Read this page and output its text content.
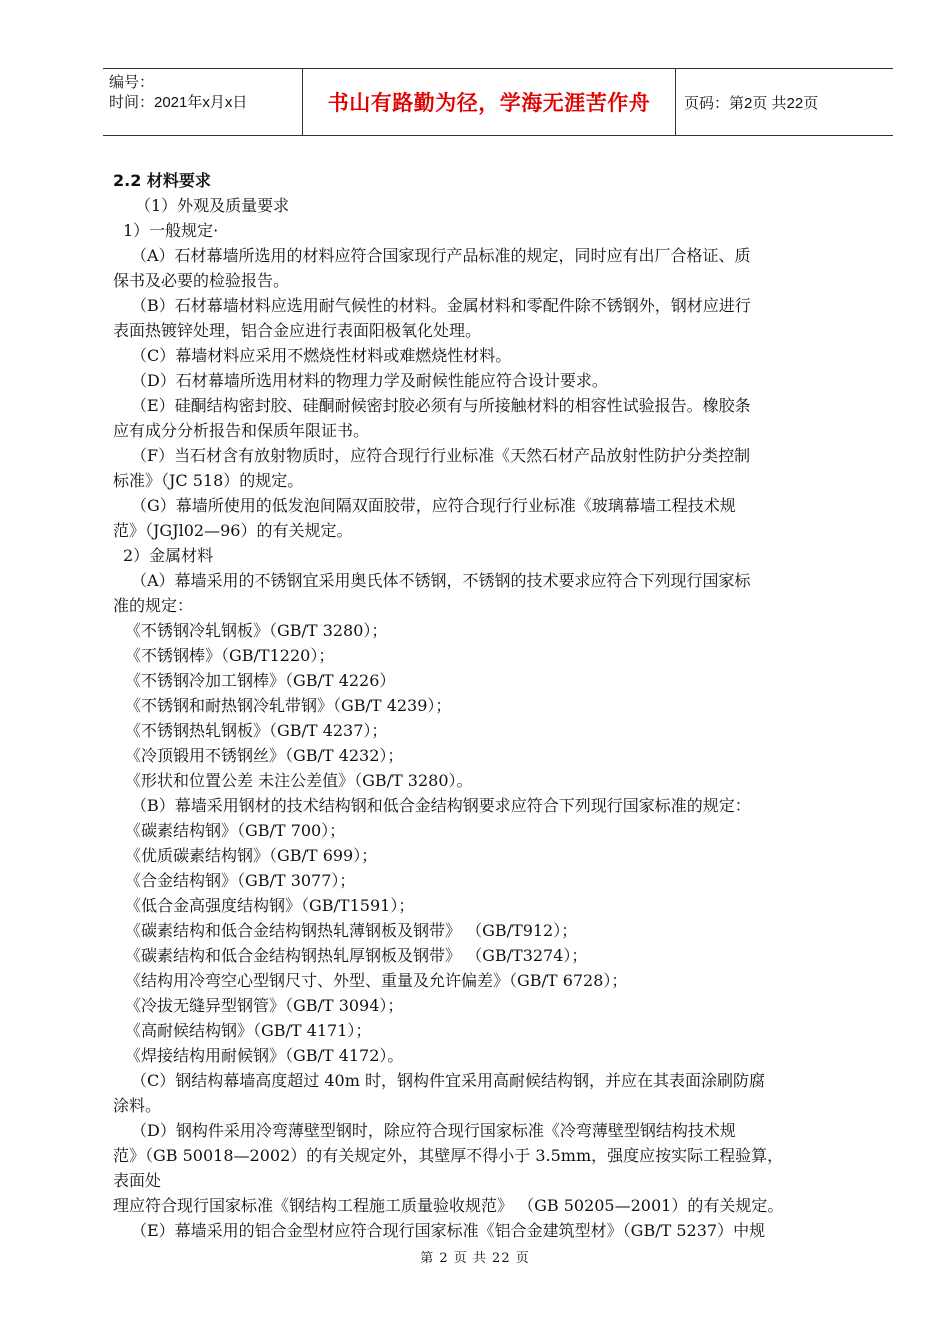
编号：
时间：2021年x月x日	书山有路勤为径，学海无涯苦作舟	页码：第2页 共22页
2.2 材料要求
（1）外观及质量要求
1）一般规定·
（A）石材幕墙所选用的材料应符合国家现行产品标准的规定，同时应有出厂合格证、质
保书及必要的检验报告。
（B）石材幕墙材料应选用耐气候性的材料。金属材料和零配件除不锈钢外，钢材应进行
表面热镀锌处理，铝合金应进行表面阳极氧化处理。
（C）幕墙材料应采用不燃烧性材料或难燃烧性材料。
（D）石材幕墙所选用材料的物理力学及耐候性能应符合设计要求。
（E）硅酮结构密封胶、硅酮耐候密封胶必须有与所接触材料的相容性试验报告。橡胶条
应有成分分析报告和保质年限证书。
（F）当石材含有放射物质时，应符合现行行业标准《天然石材产品放射性防护分类控制
标准》（JC 518）的规定。
（G）幕墙所使用的低发泡间隔双面胶带，应符合现行行业标准《玻璃幕墙工程技术规
范》（JGJl02—96）的有关规定。
2）金属材料
（A）幕墙采用的不锈钢宜采用奥氏体不锈钢，不锈钢的技术要求应符合下列现行国家标
准的规定：
《不锈钢冷轧钢板》（GB/T 3280）；
《不锈钢棒》（GB/T1220）；
《不锈钢冷加工钢棒》（GB/T 4226）
《不锈钢和耐热钢冷轧带钢》（GB/T 4239）；
《不锈钢热轧钢板》（GB/T 4237）；
《冷顶锻用不锈钢丝》（GB/T 4232）；
《形状和位置公差 未注公差值》（GB/T 3280）。
（B）幕墙采用钢材的技术结构钢和低合金结构钢要求应符合下列现行国家标准的规定：
《碳素结构钢》（GB/T 700）；
《优质碳素结构钢》（GB/T 699）；
《合金结构钢》（GB/T 3077）；
《低合金高强度结构钢》（GB/T1591）；
《碳素结构和低合金结构钢热轧薄钢板及钢带》 （GB/T912）；
《碳素结构和低合金结构钢热轧厚钢板及钢带》 （GB/T3274）；
《结构用冷弯空心型钢尺寸、外型、重量及允许偏差》（GB/T 6728）；
《冷拔无缝异型钢管》（GB/T 3094）；
《高耐候结构钢》（GB/T 4171）；
《焊接结构用耐候钢》（GB/T 4172）。
（C）钢结构幕墙高度超过 40m 时，钢构件宜采用高耐候结构钢，并应在其表面涂刷防腐
涂料。
（D）钢构件采用冷弯薄壁型钢时，除应符合现行国家标准《冷弯薄壁型钢结构技术规
范》（GB 50018—2002）的有关规定外，其壁厚不得小于 3.5mm，强度应按实际工程验算，
表面处
理应符合现行国家标准《钢结构工程施工质量验收规范》 （GB 50205—2001）的有关规定。
（E）幕墙采用的铝合金型材应符合现行国家标准《铝合金建筑型材》（GB/T 5237）中规
第 2 页 共 22 页
